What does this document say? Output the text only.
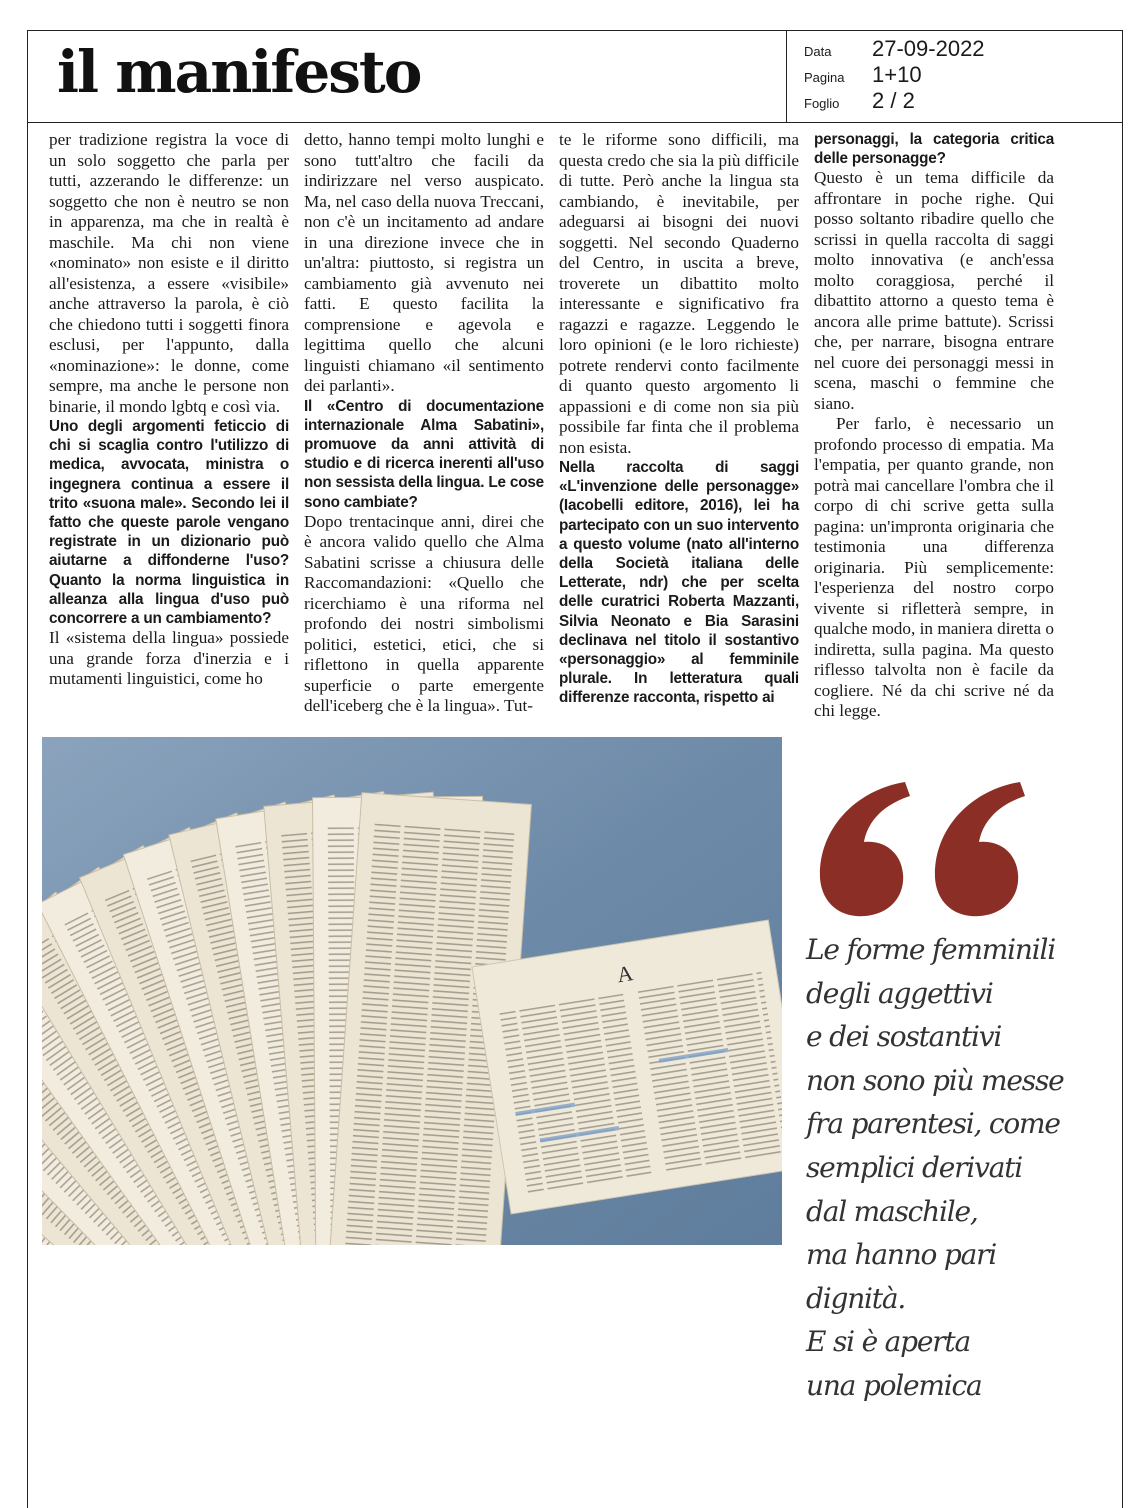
il manifesto	Data	27-09-2022
Pagina	1+10
Foglio	2 / 2

per tradizione registra la voce di un solo soggetto che parla per tutti, azzerando le differenze: un soggetto che non è neutro se non in apparenza, ma che in realtà è maschile. Ma chi non viene «nominato» non esiste e il diritto all'esistenza, a essere «visibile» anche attraverso la parola, è ciò che chiedono tutti i soggetti finora esclusi, per l'appunto, dalla «nominazione»: le donne, come sempre, ma anche le persone non binarie, il mondo lgbtq e così via.

Uno degli argomenti feticcio di chi si scaglia contro l'utilizzo di medica, avvocata, ministra o ingegnera continua a essere il trito «suona male». Secondo lei il fatto che queste parole vengano registrate in un dizionario può aiutarne a diffonderne l'uso? Quanto la norma linguistica in alleanza alla lingua d'uso può concorrere a un cambiamento?

Il «sistema della lingua» possiede una grande forza d'inerzia e i mutamenti linguistici, come ho

detto, hanno tempi molto lunghi e sono tutt'altro che facili da indirizzare nel verso auspicato. Ma, nel caso della nuova Treccani, non c'è un incitamento ad andare in una direzione invece che in un'altra: piuttosto, si registra un cambiamento già avvenuto nei fatti. E questo facilita la comprensione e agevola e legittima quello che alcuni linguisti chiamano «il sentimento dei parlanti».

Il «Centro di documentazione internazionale Alma Sabatini», promuove da anni attività di studio e di ricerca inerenti all'uso non sessista della lingua. Le cose sono cambiate?

Dopo trentacinque anni, direi che è ancora valido quello che Alma Sabatini scrisse a chiusura delle Raccomandazioni: «Quello che ricerchiamo è una riforma nel profondo dei nostri simbolismi politici, estetici, etici, che si riflettono in quella apparente superficie o parte emergente dell'iceberg che è la lingua». Tut-

te le riforme sono difficili, ma questa credo che sia la più difficile di tutte. Però anche la lingua sta cambiando, è inevitabile, per adeguarsi ai bisogni dei nuovi soggetti. Nel secondo Quaderno del Centro, in uscita a breve, troverete un dibattito molto interessante e significativo fra ragazzi e ragazze. Leggendo le loro opinioni (e le loro richieste) potrete rendervi conto facilmente di quanto questo argomento li appassioni e di come non sia più possibile far finta che il problema non esista.

Nella raccolta di saggi «L'invenzione delle personagge» (Iacobelli editore, 2016), lei ha partecipato con un suo intervento a questo volume (nato all'interno della Società italiana delle Letterate, ndr) che per scelta delle curatrici Roberta Mazzanti, Silvia Neonato e Bia Sarasini declinava nel titolo il sostantivo «personaggio» al femminile plurale. In letteratura quali differenze racconta, rispetto ai

personaggi, la categoria critica delle personagge?

Questo è un tema difficile da affrontare in poche righe. Qui posso soltanto ribadire quello che scrissi in quella raccolta di saggi molto innovativa (e anch'essa molto coraggiosa, perché il dibattito attorno a questo tema è ancora alle prime battute). Scrissi che, per narrare, bisogna entrare nel cuore dei personaggi messi in scena, maschi o femmine che siano.

Per farlo, è necessario un profondo processo di empatia. Ma l'empatia, per quanto grande, non potrà mai cancellare l'ombra che il corpo di chi scrive getta sulla pagina: un'impronta originaria che testimonia una differenza originaria. Più semplicemente: l'esperienza del nostro corpo vivente si rifletterà sempre, in qualche modo, in maniera diretta o indiretta, sulla pagina. Ma questo riflesso talvolta non è facile da cogliere. Né da chi scrive né da chi legge.

A
Le forme femminili
degli aggettivi
e dei sostantivi
non sono più messe
fra parentesi, come
semplici derivati
dal maschile,
ma hanno pari
dignità.
E si è aperta
una polemica
